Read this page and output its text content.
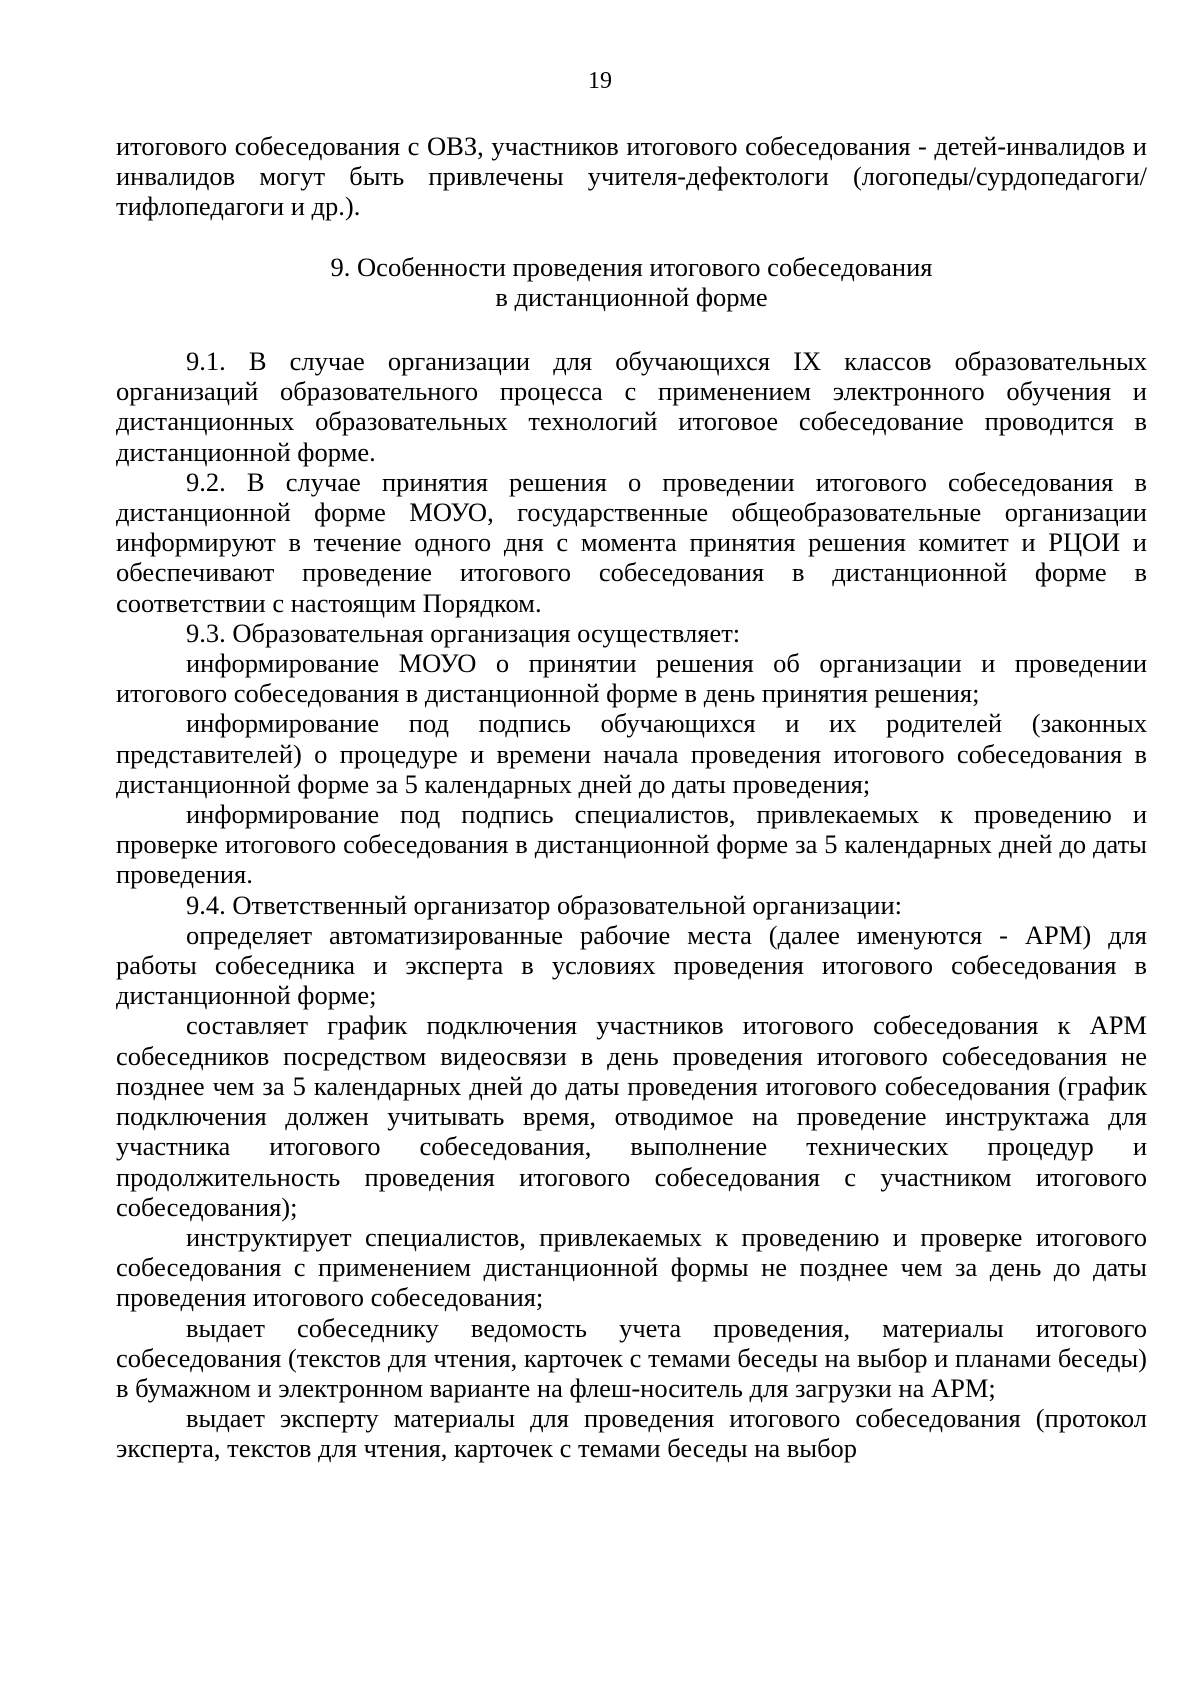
19

итогового собеседования с ОВЗ, участников итогового собеседования - детей-инвалидов и инвалидов могут быть привлечены учителя-дефектологи (логопеды/сурдопедагоги/тифлопедагоги и др.).

9. Особенности проведения итогового собеседования
в дистанционной форме

9.1. В случае организации для обучающихся IX классов образовательных организаций образовательного процесса с применением электронного обучения и дистанционных образовательных технологий итоговое собеседование проводится в дистанционной форме.

9.2. В случае принятия решения о проведении итогового собеседования в дистанционной форме МОУО, государственные общеобразовательные организации информируют в течение одного дня с момента принятия решения комитет и РЦОИ и обеспечивают проведение итогового собеседования в дистанционной форме в соответствии с настоящим Порядком.

9.3. Образовательная организация осуществляет:

информирование МОУО о принятии решения об организации и проведении итогового собеседования в дистанционной форме в день принятия решения;

информирование под подпись обучающихся и их родителей (законных представителей) о процедуре и времени начала проведения итогового собеседования в дистанционной форме за 5 календарных дней до даты проведения;

информирование под подпись специалистов, привлекаемых к проведению и проверке итогового собеседования в дистанционной форме за 5 календарных дней до даты проведения.

9.4. Ответственный организатор образовательной организации:

определяет автоматизированные рабочие места (далее именуются - АРМ) для работы собеседника и эксперта в условиях проведения итогового собеседования в дистанционной форме;

составляет график подключения участников итогового собеседования к АРМ собеседников посредством видеосвязи в день проведения итогового собеседования не позднее чем за 5 календарных дней до даты проведения итогового собеседования (график подключения должен учитывать время, отводимое на проведение инструктажа для участника итогового собеседования, выполнение технических процедур и продолжительность проведения итогового собеседования с участником итогового собеседования);

инструктирует специалистов, привлекаемых к проведению и проверке итогового собеседования с применением дистанционной формы не позднее чем за день до даты проведения итогового собеседования;

выдает собеседнику ведомость учета проведения, материалы итогового собеседования (текстов для чтения, карточек с темами беседы на выбор и планами беседы) в бумажном и электронном варианте на флеш-носитель для загрузки на АРМ;

выдает эксперту материалы для проведения итогового собеседования (протокол эксперта, текстов для чтения, карточек с темами беседы на выбор
